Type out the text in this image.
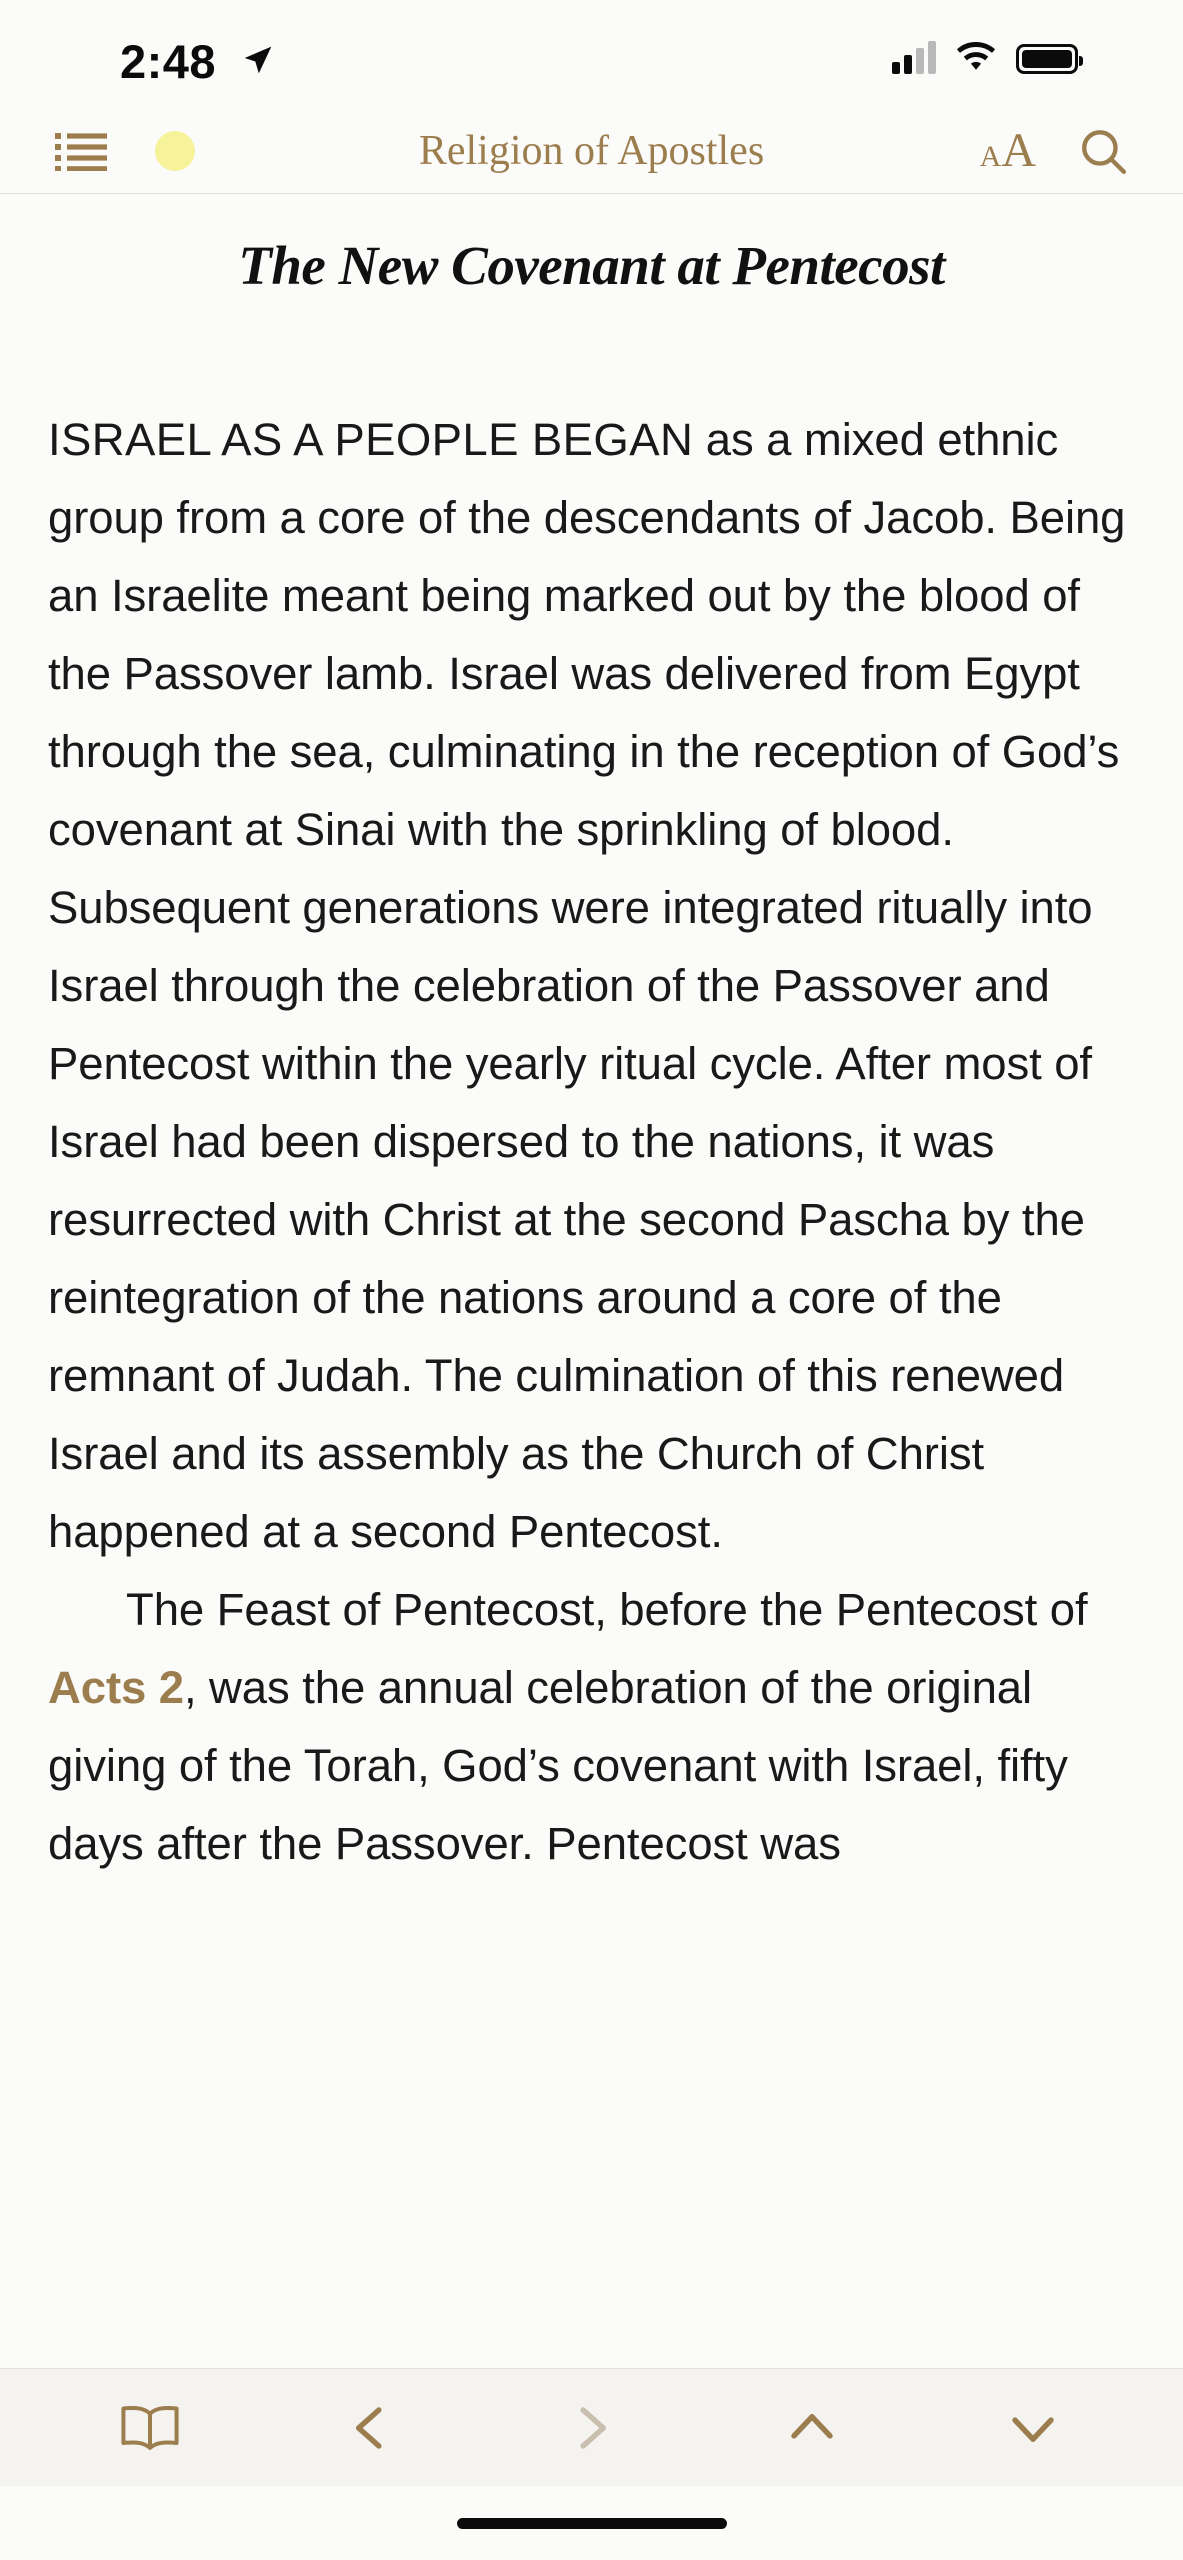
2:48
Religion of Apostles	A A
The New Covenant at Pentecost

ISRAEL AS A PEOPLE BEGAN as a mixed ethnic group from a core of the descendants of Jacob. Being an Israelite meant being marked out by the blood of the Passover lamb. Israel was delivered from Egypt through the sea, culminating in the reception of God’s covenant at Sinai with the sprinkling of blood. Subsequent generations were integrated ritually into Israel through the celebration of the Passover and Pentecost within the yearly ritual cycle. After most of Israel had been dispersed to the nations, it was resurrected with Christ at the second Pascha by the reintegration of the nations around a core of the remnant of Judah. The culmination of this renewed Israel and its assembly as the Church of Christ happened at a second Pentecost.

The Feast of Pentecost, before the Pentecost of Acts 2, was the annual celebration of the original giving of the Torah, God’s covenant with Israel, fifty days after the Passover. Pentecost was
